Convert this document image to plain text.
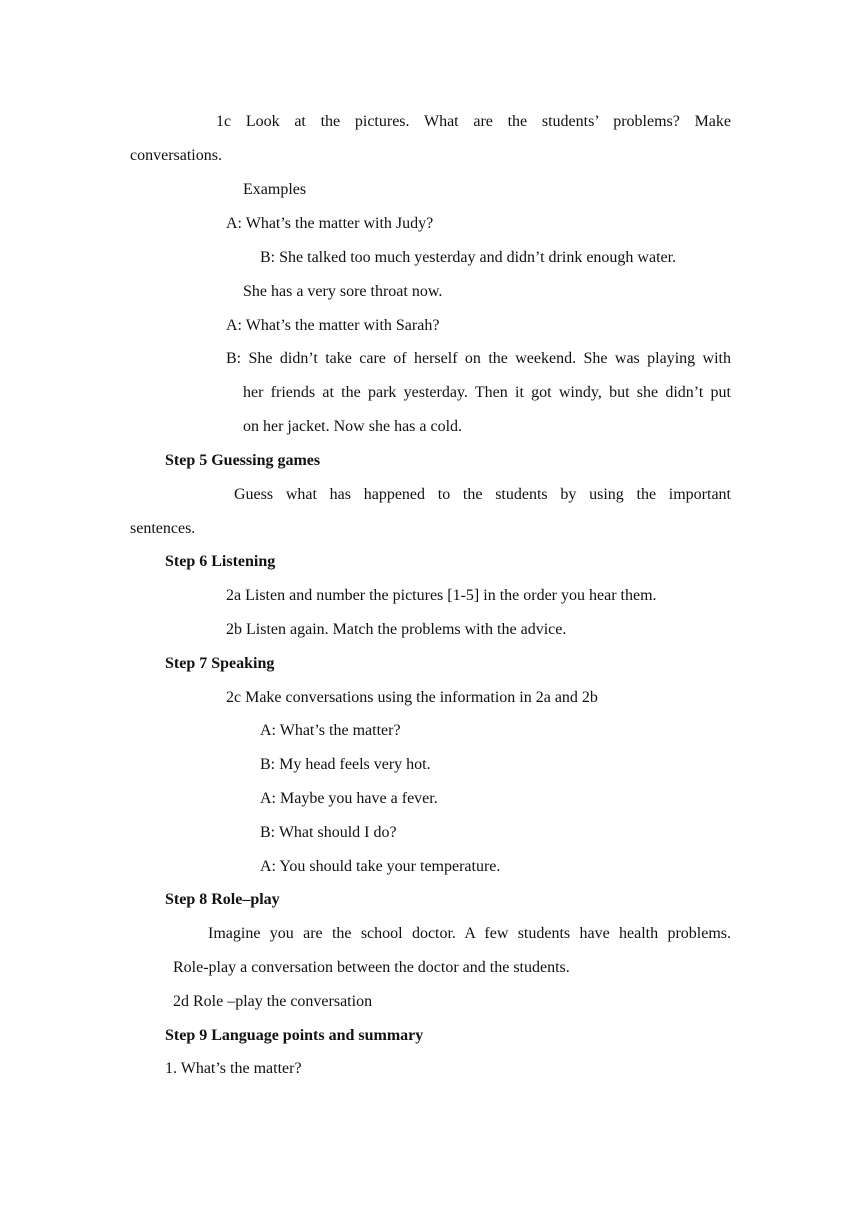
1c Look at the pictures. What are the students’ problems? Make
conversations.
Examples
A: What’s the matter with Judy?
B: She talked too much yesterday and didn’t drink enough water.
She has a very sore throat now.
A: What’s the matter with Sarah?
B: She didn’t take care of herself on the weekend. She was playing with
her friends at the park yesterday. Then it got windy, but she didn’t put
on her jacket. Now she has a cold.
Step 5 Guessing games
Guess what has happened to the students by using the important
sentences.
Step 6 Listening
2a Listen and number the pictures [1-5] in the order you hear them.
2b Listen again. Match the problems with the advice.
Step 7 Speaking
2c Make conversations using the information in 2a and 2b
A: What’s the matter?
B: My head feels very hot.
A: Maybe you have a fever.
B: What should I do?
A: You should take your temperature.
Step 8 Role–play
Imagine you are the school doctor. A few students have health problems.
Role-play a conversation between the doctor and the students.
2d Role –play the conversation
Step 9 Language points and summary
1. What’s the matter?
